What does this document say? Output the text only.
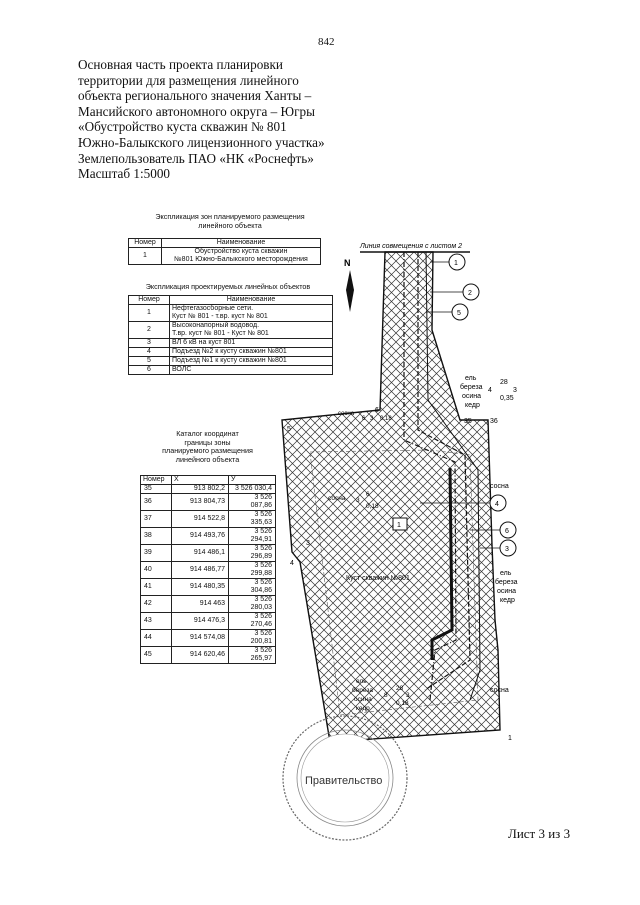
842
Основная часть проекта планировки
территории для размещения линейного
объекта регионального значения Ханты –
Мансийского автономного округа – Югры
«Обустройство куста скважин № 801
Южно-Балыкского лицензионного участка»
Землепользователь ПАО «НК «Роснефть»
Масштаб 1:5000
Экспликация зон планируемого размещения
линейного объекта
Номер	Наименование
1	Обустройство куста скважин
№801 Южно-Балыкского месторождения
Экспликация проектируемых линейных объектов
Номер	Наименование
1	Нефтегазосборные сети.
Куст № 801 - т.вр. куст № 801

2	Высоконапорный водовод.
Т.вр. куст № 801 - Куст № 801

3	ВЛ 6 кВ на куст 801
4	Подъезд №2 к кусту скважин №801
5	Подъезд №1 к кусту скважин №801
6	ВОЛС
Каталог координат
границы зоны
планируемого размещения
линейного объекта
Номер	X	У
35	913 802,2	3 526 030,4
36	913 804,73	3 526 087,86
37	914 522,8	3 526 335,63
38	914 493,76	3 526 294,91
39	914 486,1	3 526 296,89
40	914 486,77	3 526 299,88
41	914 480,35	3 526 304,86
42	914 463	3 526 280,03
43	914 476,3	3 526 270,46
44	914 574,08	3 526 200,81
45	914 620,46	3 526 265,97
Линия совмещения с листом 2
N	1
2
5
4
6
3
1
Куст скважин №801
6
5
35	36
3
4
1
ель
береза
осина
кедр
28
4
0,35
3
ель
береза
осина
кедр
ель
береза
осина
кедр
28
8	3
0,18
сосна
6
3
0,18
сосна
сосна
сосна
6 3 0,18
Правительство
Лист 3 из 3
